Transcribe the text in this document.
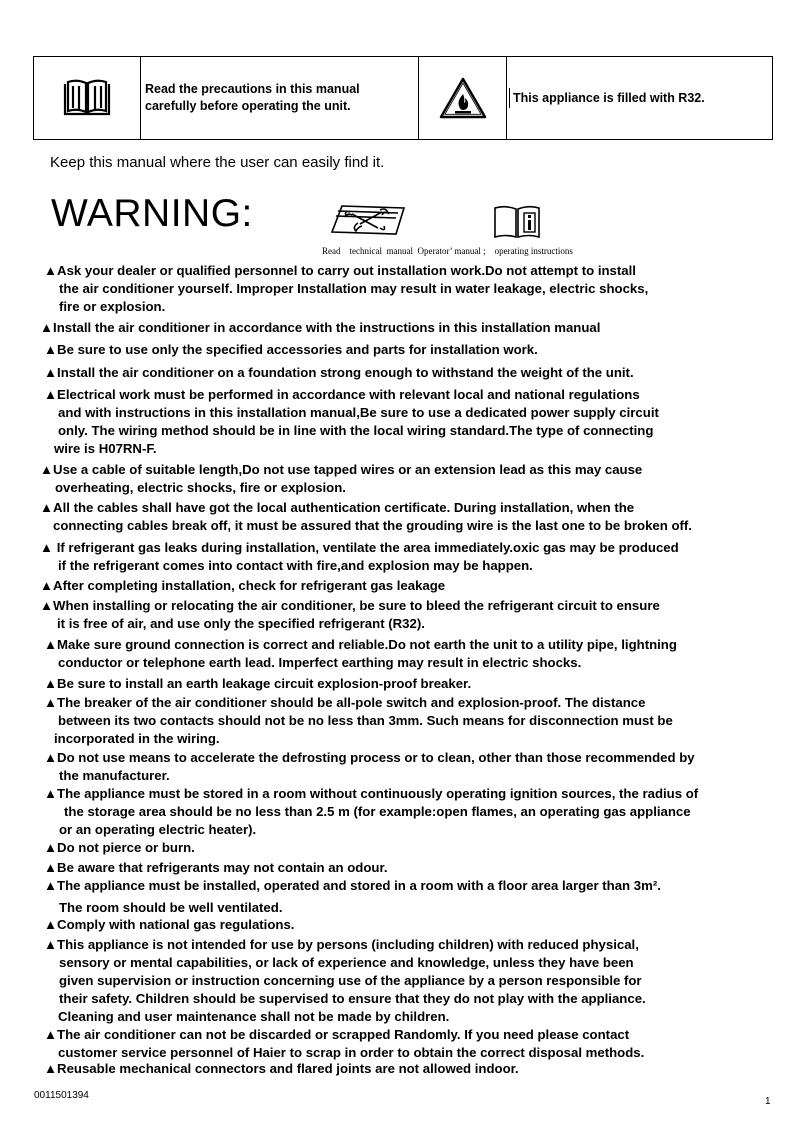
Read the precautions in this manual
carefully before operating the unit.
This appliance is filled with R32.
Keep this manual where the user can easily find it.
WARNING:
Read    technical  manual  Operator’ manual ;    operating instructions
▲Ask your dealer or qualified personnel to carry out installation work.Do not attempt to install
the air conditioner yourself. Improper Installation may result in water leakage, electric shocks,
fire or explosion.
▲Install the air conditioner in accordance with the instructions in this installation manual
▲Be sure to use only the specified accessories and parts for installation work.
▲Install the air conditioner on a foundation strong enough to withstand the weight of the unit.
▲Electrical work must be performed in accordance with relevant local and national regulations
and with instructions in this installation manual,Be sure to use a dedicated power supply circuit
only. The wiring method should be in line with the local wiring standard.The type of connecting
wire is H07RN-F.
▲Use a cable of suitable length,Do not use tapped wires or an extension lead as this may cause
overheating, electric shocks, fire or explosion.
▲All the cables shall have got the local authentication certificate. During installation, when the
connecting cables break off, it must be assured that the grouding wire is the last one to be broken off.
▲ If refrigerant gas leaks during installation, ventilate the area immediately.oxic gas may be produced
if the refrigerant comes into contact with fire,and explosion may be happen.
▲After completing installation, check for refrigerant gas leakage
▲When installing or relocating the air conditioner, be sure to bleed the refrigerant circuit to ensure
it is free of air, and use only the specified refrigerant (R32).
▲Make sure ground connection is correct and reliable.Do not earth the unit to a utility pipe, lightning
conductor or telephone earth lead. Imperfect earthing may result in electric shocks.
▲Be sure to install an earth leakage circuit explosion-proof breaker.
▲The breaker of the air conditioner should be all-pole switch and explosion-proof. The distance
between its two contacts should not be no less than 3mm. Such means for disconnection must be
incorporated in the wiring.
▲Do not use means to accelerate the defrosting process or to clean, other than those recommended by
the manufacturer.
▲The appliance must be stored in a room without continuously operating ignition sources, the radius of
the storage area should be no less than 2.5 m (for example:open flames, an operating gas appliance
or an operating electric heater).
▲Do not pierce or burn.
▲Be aware that refrigerants may not contain an odour.
▲The appliance must be installed, operated and stored in a room with a floor area larger than 3m².
The room should be well ventilated.
▲Comply with national gas regulations.
▲This appliance is not intended for use by persons (including children) with reduced physical,
sensory or mental capabilities, or lack of experience and knowledge, unless they have been
given supervision or instruction concerning use of the appliance by a person responsible for
their safety. Children should be supervised to ensure that they do not play with the appliance.
Cleaning and user maintenance shall not be made by children.
▲The air conditioner can not be discarded or scrapped Randomly. If you need please contact
customer service personnel of Haier to scrap in order to obtain the correct disposal methods.
▲Reusable mechanical connectors and flared joints are not allowed indoor.
0011501394
1
